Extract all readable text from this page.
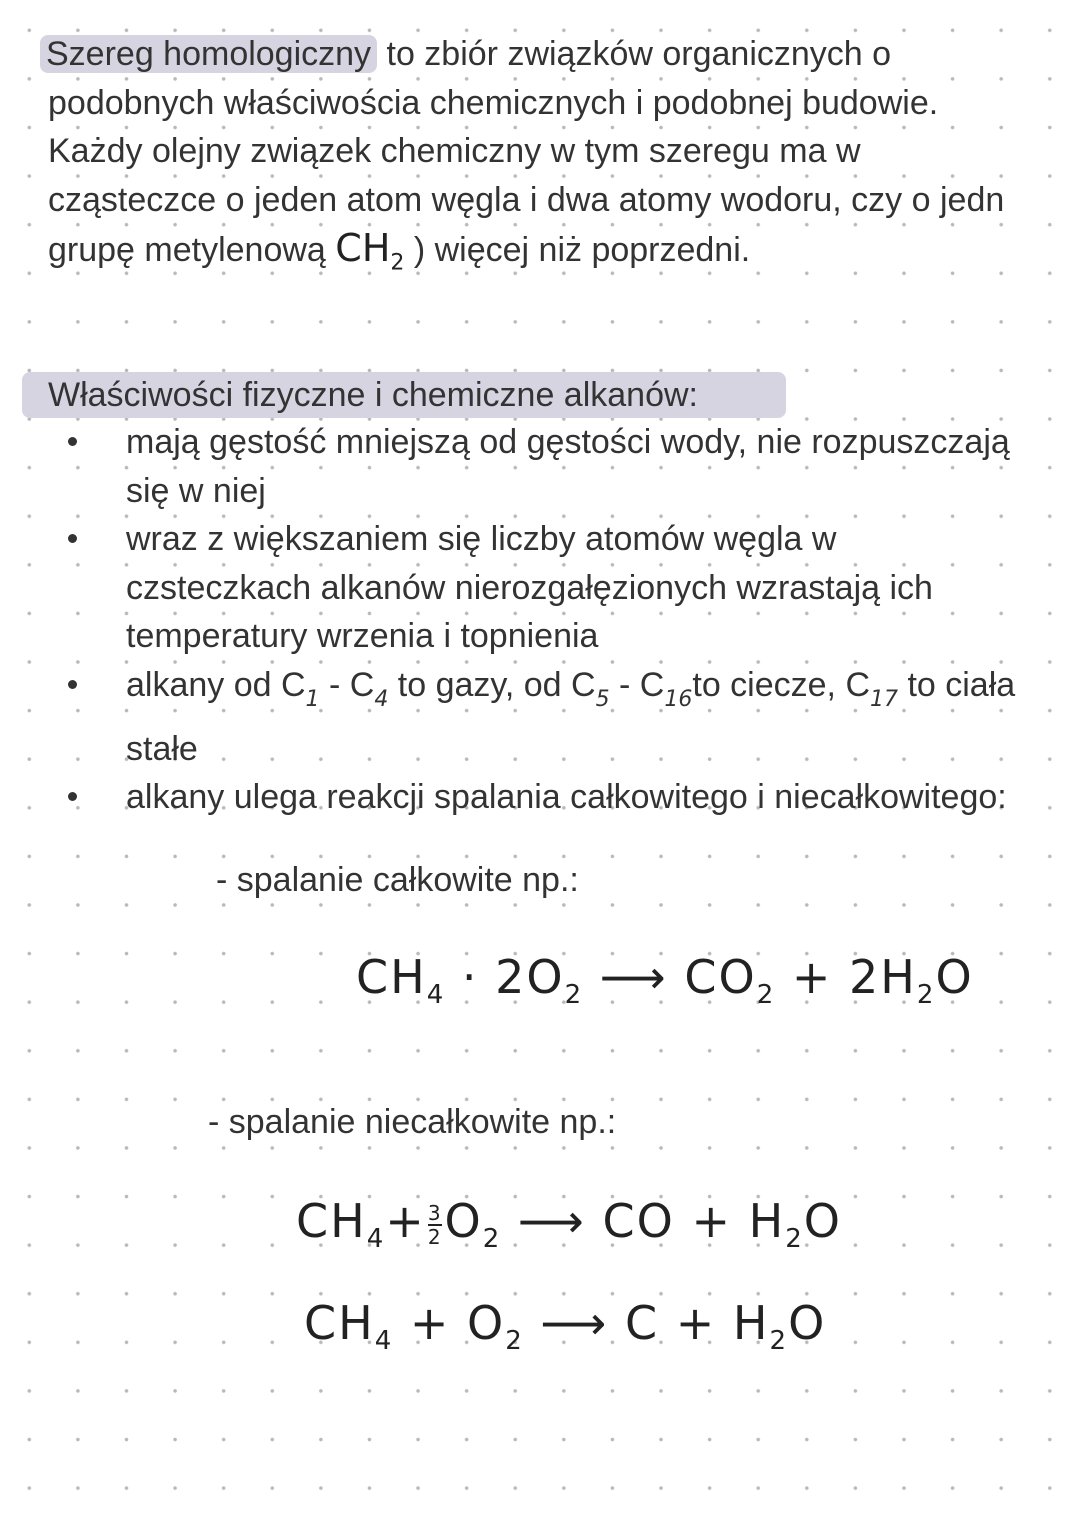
Szereg homologiczny to zbiór związków organicznych o podobnych właściwościa chemicznych i podobnej budowie. Każdy olejny związek chemiczny w tym szeregu ma w cząsteczce o jeden atom węgla i dwa atomy wodoru, czy o jedn grupę metylenową $CH_2$ ) więcej niż poprzedni.

Właściwości fizyczne i chemiczne alkanów:
mają gęstość mniejszą od gęstości wody, nie rozpuszczają się w niej
wraz z większaniem się liczby atomów węgla w czsteczkach alkanów nierozgałęzionych wzrastają ich temperatury wrzenia i topnienia
alkany od $C_1 - C_4$ to gazy, od $C_5 - C_{16}to$ ciecze, $C_{17}$ to ciała stałe
alkany ulega reakcji spalania całkowitego i niecałkowitego:
- spalanie całkowite np.:
$CH_4 \cdot 2O_2$ ⟶ $CO_2 + 2H_2O$
- spalanie niecałkowite np.:
$CH_4+ \frac{3}{2} O_2$ ⟶ CO + $H_2O$
$CH_4 + O_2$ ⟶ $C + H_2O$
